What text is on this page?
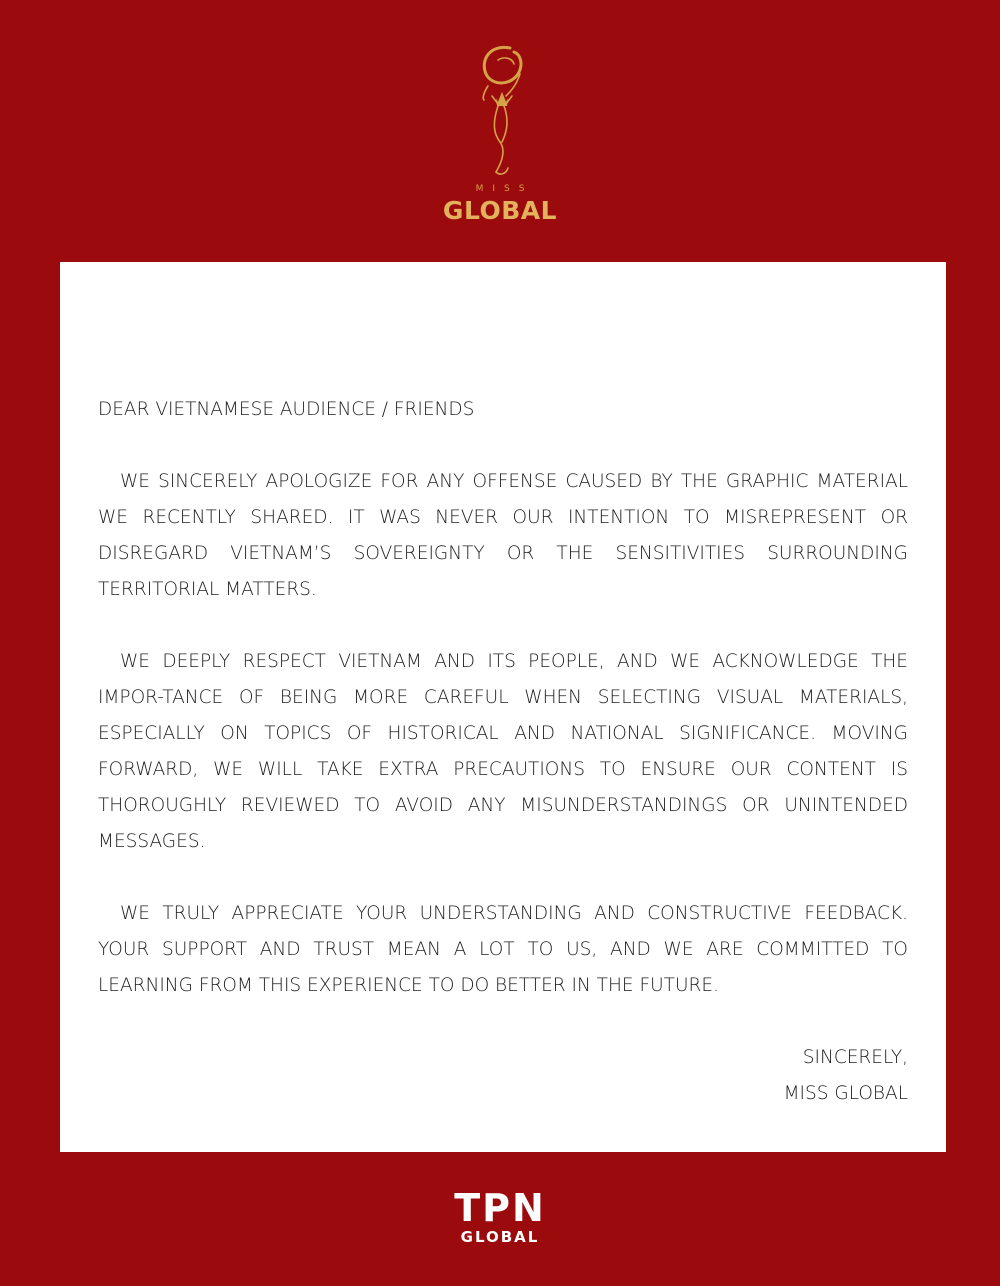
MISS
GLOBAL

DEAR VIETNAMESE AUDIENCE / FRIENDS

WE SINCERELY APOLOGIZE FOR ANY OFFENSE CAUSED BY THE GRAPHIC MATERIAL WE RECENTLY SHARED. IT WAS NEVER OUR INTENTION TO MISREPRESENT OR DISREGARD VIETNAM’S SOVEREIGNTY OR THE SENSITIVITIES SURROUNDING TERRITORIAL MATTERS.

WE DEEPLY RESPECT VIETNAM AND ITS PEOPLE, AND WE ACKNOWLEDGE THE IMPOR-TANCE OF BEING MORE CAREFUL WHEN SELECTING VISUAL MATERIALS, ESPECIALLY ON TOPICS OF HISTORICAL AND NATIONAL SIGNIFICANCE. MOVING FORWARD, WE WILL TAKE EXTRA PRECAUTIONS TO ENSURE OUR CONTENT IS THOROUGHLY REVIEWED TO AVOID ANY MISUNDERSTANDINGS OR UNINTENDED MESSAGES.

WE TRULY APPRECIATE YOUR UNDERSTANDING AND CONSTRUCTIVE FEEDBACK. YOUR SUPPORT AND TRUST MEAN A LOT TO US, AND WE ARE COMMITTED TO LEARNING FROM THIS EXPERIENCE TO DO BETTER IN THE FUTURE.

SINCERELY,

MISS GLOBAL

TPN
GLOBAL
